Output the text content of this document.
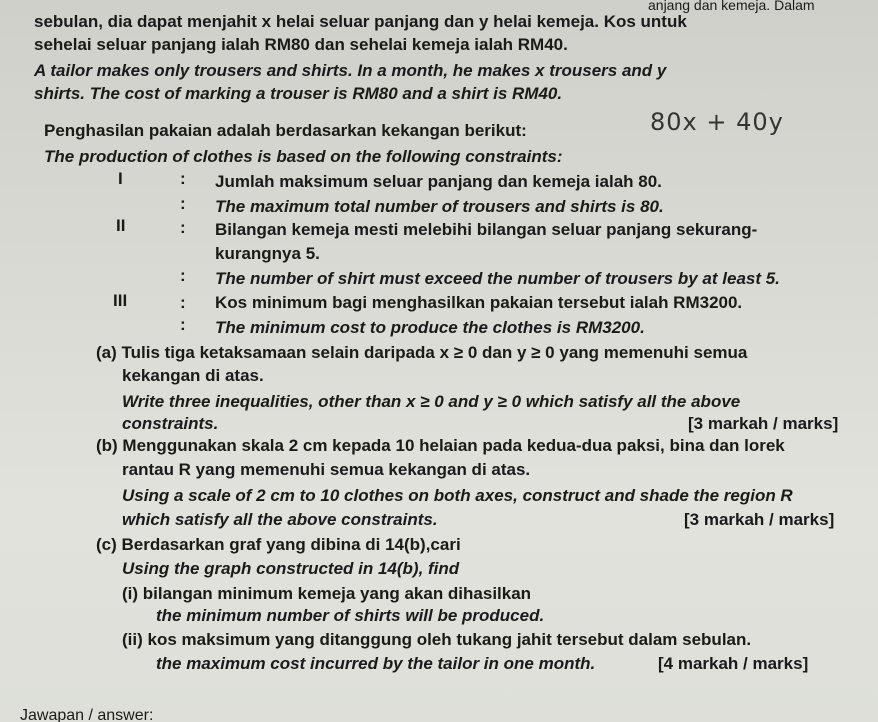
anjang dan kemeja. Dalam
sebulan, dia dapat menjahit x helai seluar panjang dan y helai kemeja. Kos untuk
sehelai seluar panjang ialah RM80 dan sehelai kemeja ialah RM40.
A tailor makes only trousers and shirts. In a month, he makes x trousers and y
shirts. The cost of marking a trouser is RM80 and a shirt is RM40.
Penghasilan pakaian adalah berdasarkan kekangan berikut:	80x + 40y
The production of clothes is based on the following constraints:
I	: Jumlah maksimum seluar panjang dan kemeja ialah 80.
: The maximum total number of trousers and shirts is 80.
II	: Bilangan kemeja mesti melebihi bilangan seluar panjang sekurang-
kurangnya 5.
: The number of shirt must exceed the number of trousers by at least 5.
III	: Kos minimum bagi menghasilkan pakaian tersebut ialah RM3200.
: The minimum cost to produce the clothes is RM3200.
(a) Tulis tiga ketaksamaan selain daripada x ≥ 0 dan y ≥ 0 yang memenuhi semua
kekangan di atas.
Write three inequalities, other than x ≥ 0 and y ≥ 0 which satisfy all the above
constraints.	[3 markah / marks]
(b) Menggunakan skala 2 cm kepada 10 helaian pada kedua-dua paksi, bina dan lorek
rantau R yang memenuhi semua kekangan di atas.
Using a scale of 2 cm to 10 clothes on both axes, construct and shade the region R
which satisfy all the above constraints.	[3 markah / marks]
(c) Berdasarkan graf yang dibina di 14(b),cari
Using the graph constructed in 14(b), find
(i) bilangan minimum kemeja yang akan dihasilkan
the minimum number of shirts will be produced.
(ii) kos maksimum yang ditanggung oleh tukang jahit tersebut dalam sebulan.
the maximum cost incurred by the tailor in one month.	[4 markah / marks]
Jawapan / answer:
